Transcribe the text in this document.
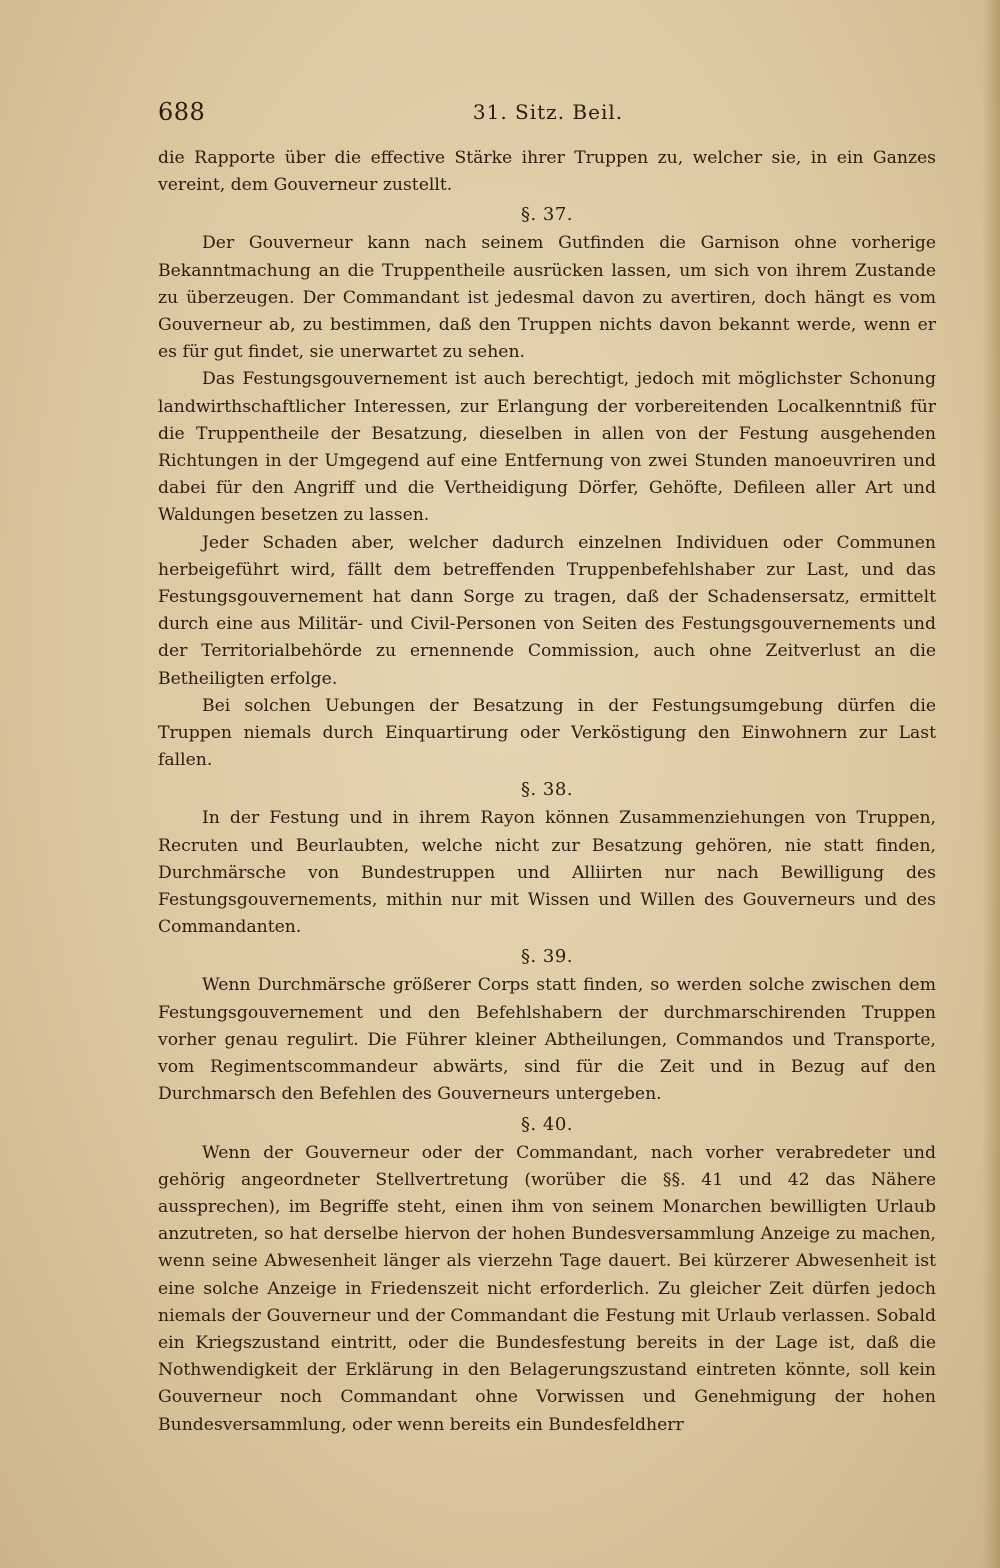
688	31. Sitz. Beil.

die Rapporte über die effective Stärke ihrer Truppen zu, welcher sie, in ein Ganzes vereint, dem Gouverneur zustellt.

§. 37.

Der Gouverneur kann nach seinem Gutfinden die Garnison ohne vorherige Bekanntmachung an die Truppentheile ausrücken lassen, um sich von ihrem Zustande zu überzeugen. Der Commandant ist jedesmal davon zu avertiren, doch hängt es vom Gouverneur ab, zu bestimmen, daß den Truppen nichts davon bekannt werde, wenn er es für gut findet, sie unerwartet zu sehen.

Das Festungsgouvernement ist auch berechtigt, jedoch mit möglichster Schonung landwirthschaftlicher Interessen, zur Erlangung der vorbereitenden Localkenntniß für die Truppentheile der Besatzung, dieselben in allen von der Festung ausgehenden Richtungen in der Umgegend auf eine Entfernung von zwei Stunden manoeuvriren und dabei für den Angriff und die Vertheidigung Dörfer, Gehöfte, Defileen aller Art und Waldungen besetzen zu lassen.

Jeder Schaden aber, welcher dadurch einzelnen Individuen oder Communen herbeigeführt wird, fällt dem betreffenden Truppenbefehlshaber zur Last, und das Festungsgouvernement hat dann Sorge zu tragen, daß der Schadensersatz, ermittelt durch eine aus Militär- und Civil-Personen von Seiten des Festungsgouvernements und der Territorialbehörde zu ernennende Commission, auch ohne Zeitverlust an die Betheiligten erfolge.

Bei solchen Uebungen der Besatzung in der Festungsumgebung dürfen die Truppen niemals durch Einquartirung oder Verköstigung den Einwohnern zur Last fallen.

§. 38.

In der Festung und in ihrem Rayon können Zusammenziehungen von Truppen, Recruten und Beurlaubten, welche nicht zur Besatzung gehören, nie statt finden, Durchmärsche von Bundestruppen und Alliirten nur nach Bewilligung des Festungsgouvernements, mithin nur mit Wissen und Willen des Gouverneurs und des Commandanten.

§. 39.

Wenn Durchmärsche größerer Corps statt finden, so werden solche zwischen dem Festungsgouvernement und den Befehlshabern der durchmarschirenden Truppen vorher genau regulirt. Die Führer kleiner Abtheilungen, Commandos und Transporte, vom Regimentscommandeur abwärts, sind für die Zeit und in Bezug auf den Durchmarsch den Befehlen des Gouverneurs untergeben.

§. 40.

Wenn der Gouverneur oder der Commandant, nach vorher verabredeter und gehörig angeordneter Stellvertretung (worüber die §§. 41 und 42 das Nähere aussprechen), im Begriffe steht, einen ihm von seinem Monarchen bewilligten Urlaub anzutreten, so hat derselbe hiervon der hohen Bundesversammlung Anzeige zu machen, wenn seine Abwesenheit länger als vierzehn Tage dauert. Bei kürzerer Abwesenheit ist eine solche Anzeige in Friedenszeit nicht erforderlich. Zu gleicher Zeit dürfen jedoch niemals der Gouverneur und der Commandant die Festung mit Urlaub verlassen. Sobald ein Kriegszustand eintritt, oder die Bundesfestung bereits in der Lage ist, daß die Nothwendigkeit der Erklärung in den Belagerungszustand eintreten könnte, soll kein Gouverneur noch Commandant ohne Vorwissen und Genehmigung der hohen Bundesversammlung, oder wenn bereits ein Bundesfeldherr
